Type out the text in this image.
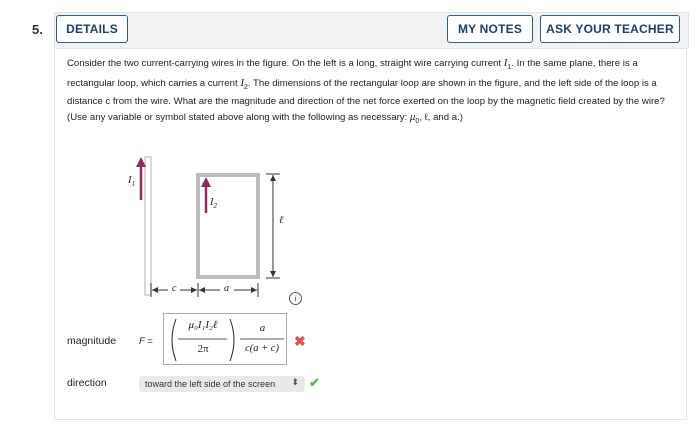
5.	DETAILS	MY NOTES	ASK YOUR TEACHER
Consider the two current-carrying wires in the figure. On the left is a long, straight wire carrying current $I_1$. In the same plane, there is a rectangular loop, which carries a current $I_2$. The dimensions of the rectangular loop are shown in the figure, and the left side of the loop is a distance c from the wire. What are the magnitude and direction of the net force exerted on the loop by the magnetic field created by the wire? (Use any variable or symbol stated above along with the following as necessary: $\mu_0$, ℓ, and a.)
$I_1$
$I_2$
ℓ
c	a
i
magnitude F =
μ₀I₁I₂ℓ
2π
a
c(a + c)	✖
direction	toward the left side of the screen ⬍ ✔
